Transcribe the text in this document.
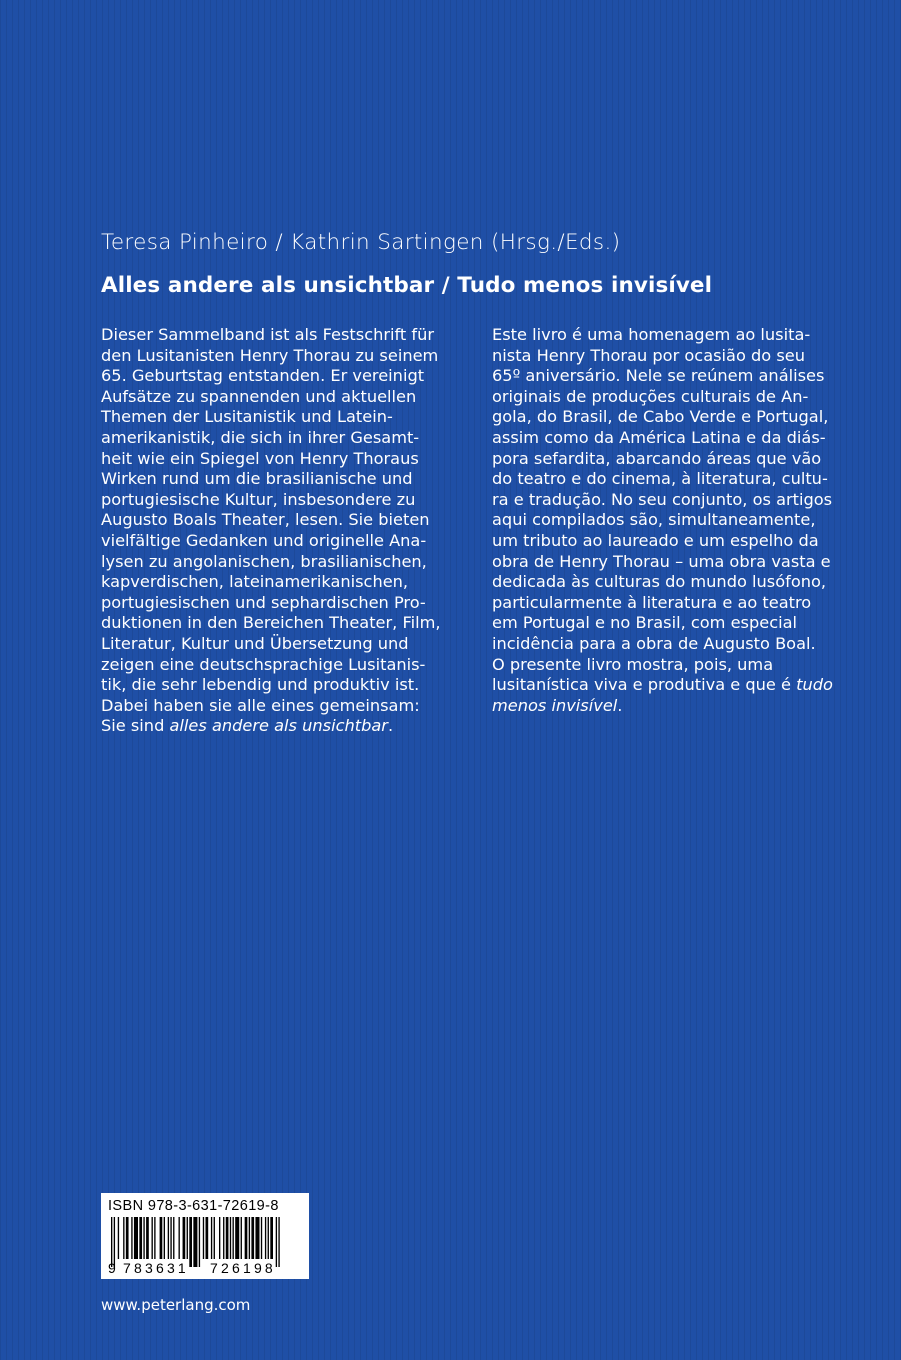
Teresa Pinheiro / Kathrin Sartingen (Hrsg./Eds.)
Alles andere als unsichtbar / Tudo menos invisível
Dieser Sammelband ist als Festschrift für
den Lusitanisten Henry Thorau zu seinem
65. Geburtstag entstanden. Er vereinigt
Aufsätze zu spannenden und aktuellen
Themen der Lusitanistik und Latein-
amerikanistik, die sich in ihrer Gesamt-
heit wie ein Spiegel von Henry Thoraus
Wirken rund um die brasilianische und
portugiesische Kultur, insbesondere zu
Augusto Boals Theater, lesen. Sie bieten
vielfältige Gedanken und originelle Ana-
lysen zu angolanischen, brasilianischen,
kapverdischen, lateinamerikanischen,
portugiesischen und sephardischen Pro-
duktionen in den Bereichen Theater, Film,
Literatur, Kultur und Übersetzung und
zeigen eine deutschsprachige Lusitanis-
tik, die sehr lebendig und produktiv ist.
Dabei haben sie alle eines gemeinsam:
Sie sind alles andere als unsichtbar.
Este livro é uma homenagem ao lusita-
nista Henry Thorau por ocasião do seu
65º aniversário. Nele se reúnem análises
originais de produções culturais de An-
gola, do Brasil, de Cabo Verde e Portugal,
assim como da América Latina e da diás-
pora sefardita, abarcando áreas que vão
do teatro e do cinema, à literatura, cultu-
ra e tradução. No seu conjunto, os artigos
aqui compilados são, simultaneamente,
um tributo ao laureado e um espelho da
obra de Henry Thorau – uma obra vasta e
dedicada às culturas do mundo lusófono,
particularmente à literatura e ao teatro
em Portugal e no Brasil, com especial
incidência para a obra de Augusto Boal.
O presente livro mostra, pois, uma
lusitanística viva e produtiva e que é tudo
menos invisível.
ISBN 978-3-631-72619-8
9 783631 726198
www.peterlang.com
